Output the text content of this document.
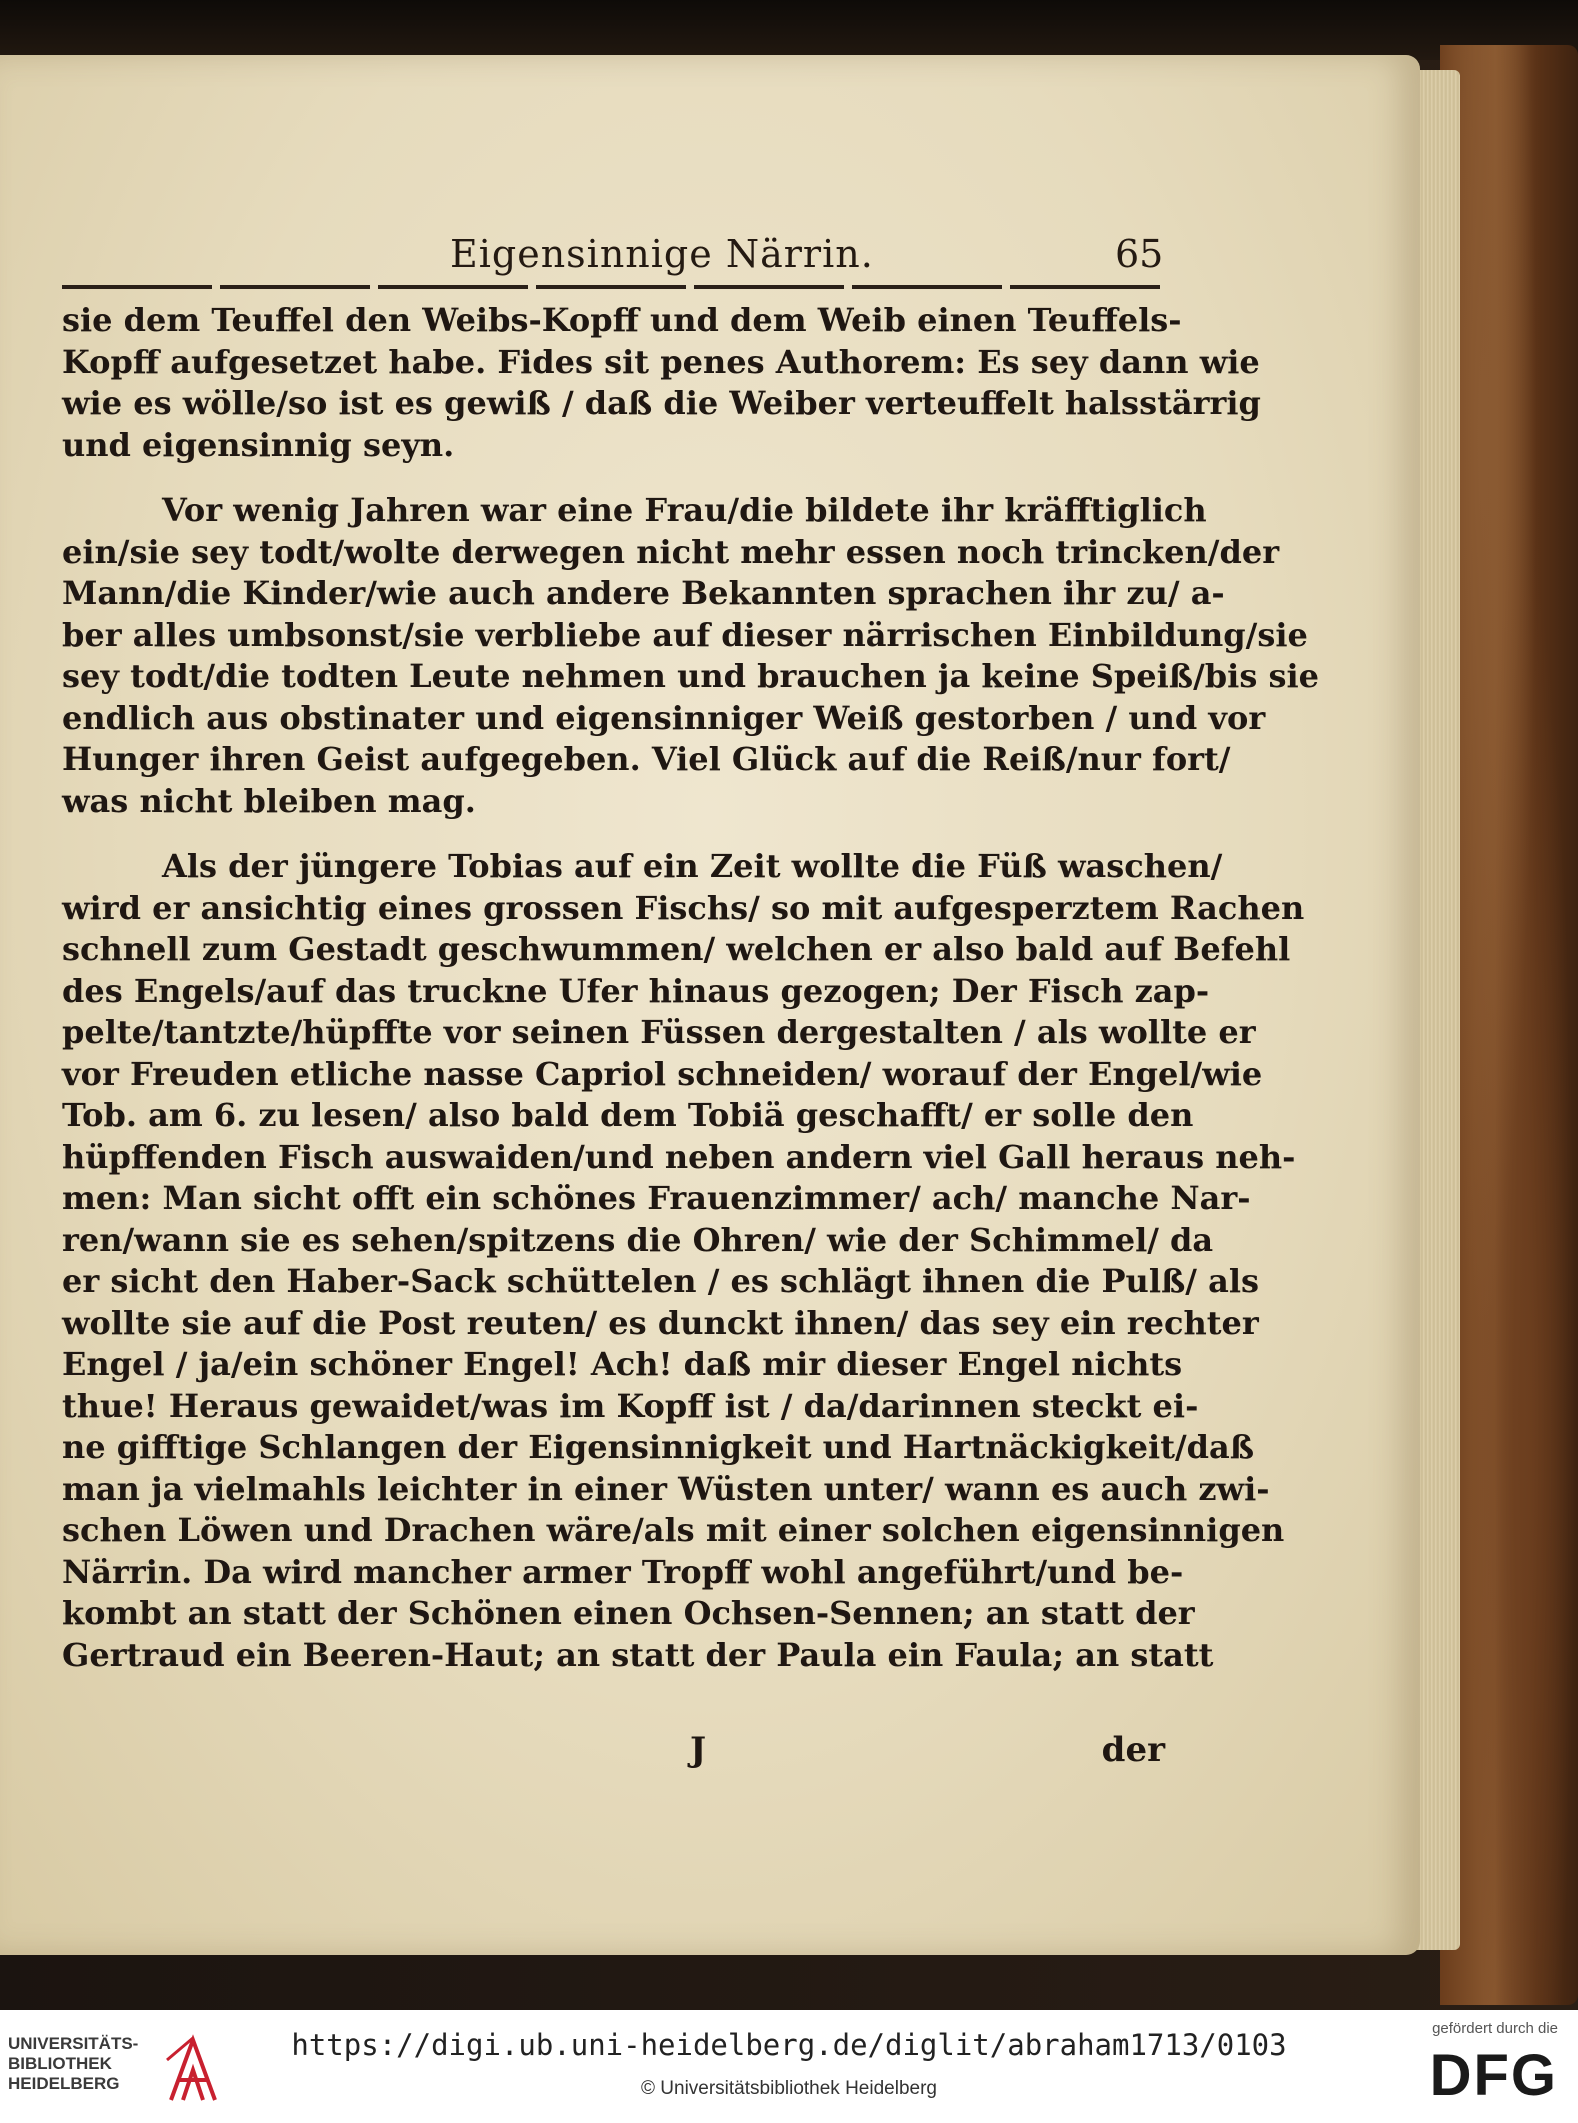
Eigensinnige Närrin.	65
sie dem Teuffel den Weibs-Kopff und dem Weib einen Teuffels-
Kopff aufgesetzet habe. Fides sit penes Authorem: Es sey dann wie
wie es wölle/so ist es gewiß / daß die Weiber verteuffelt halsstärrig
und eigensinnig seyn.
Vor wenig Jahren war eine Frau/die bildete ihr kräfftiglich
ein/sie sey todt/wolte derwegen nicht mehr essen noch trincken/der
Mann/die Kinder/wie auch andere Bekannten sprachen ihr zu/ a-
ber alles umbsonst/sie verbliebe auf dieser närrischen Einbildung/sie
sey todt/die todten Leute nehmen und brauchen ja keine Speiß/bis sie
endlich aus obstinater und eigensinniger Weiß gestorben / und vor
Hunger ihren Geist aufgegeben. Viel Glück auf die Reiß/nur fort/
was nicht bleiben mag.
Als der jüngere Tobias auf ein Zeit wollte die Füß waschen/
wird er ansichtig eines grossen Fischs/ so mit aufgesperztem Rachen
schnell zum Gestadt geschwummen/ welchen er also bald auf Befehl
des Engels/auf das truckne Ufer hinaus gezogen; Der Fisch zap-
pelte/tantzte/hüpffte vor seinen Füssen dergestalten / als wollte er
vor Freuden etliche nasse Capriol schneiden/ worauf der Engel/wie
Tob. am 6. zu lesen/ also bald dem Tobiä geschafft/ er solle den
hüpffenden Fisch auswaiden/und neben andern viel Gall heraus neh-
men: Man sicht offt ein schönes Frauenzimmer/ ach/ manche Nar-
ren/wann sie es sehen/spitzens die Ohren/ wie der Schimmel/ da
er sicht den Haber-Sack schüttelen / es schlägt ihnen die Pulß/ als
wollte sie auf die Post reuten/ es dunckt ihnen/ das sey ein rechter
Engel / ja/ein schöner Engel! Ach! daß mir dieser Engel nichts
thue! Heraus gewaidet/was im Kopff ist / da/darinnen steckt ei-
ne gifftige Schlangen der Eigensinnigkeit und Hartnäckigkeit/daß
man ja vielmahls leichter in einer Wüsten unter/ wann es auch zwi-
schen Löwen und Drachen wäre/als mit einer solchen eigensinnigen
Närrin. Da wird mancher armer Tropff wohl angeführt/und be-
kombt an statt der Schönen einen Ochsen-Sennen; an statt der
Gertraud ein Beeren-Haut; an statt der Paula ein Faula; an statt
J	der
UNIVERSITÄTS-
BIBLIOTHEK
HEIDELBERG
https://digi.ub.uni-heidelberg.de/diglit/abraham1713/0103
© Universitätsbibliothek Heidelberg
gefördert durch die
DFG
